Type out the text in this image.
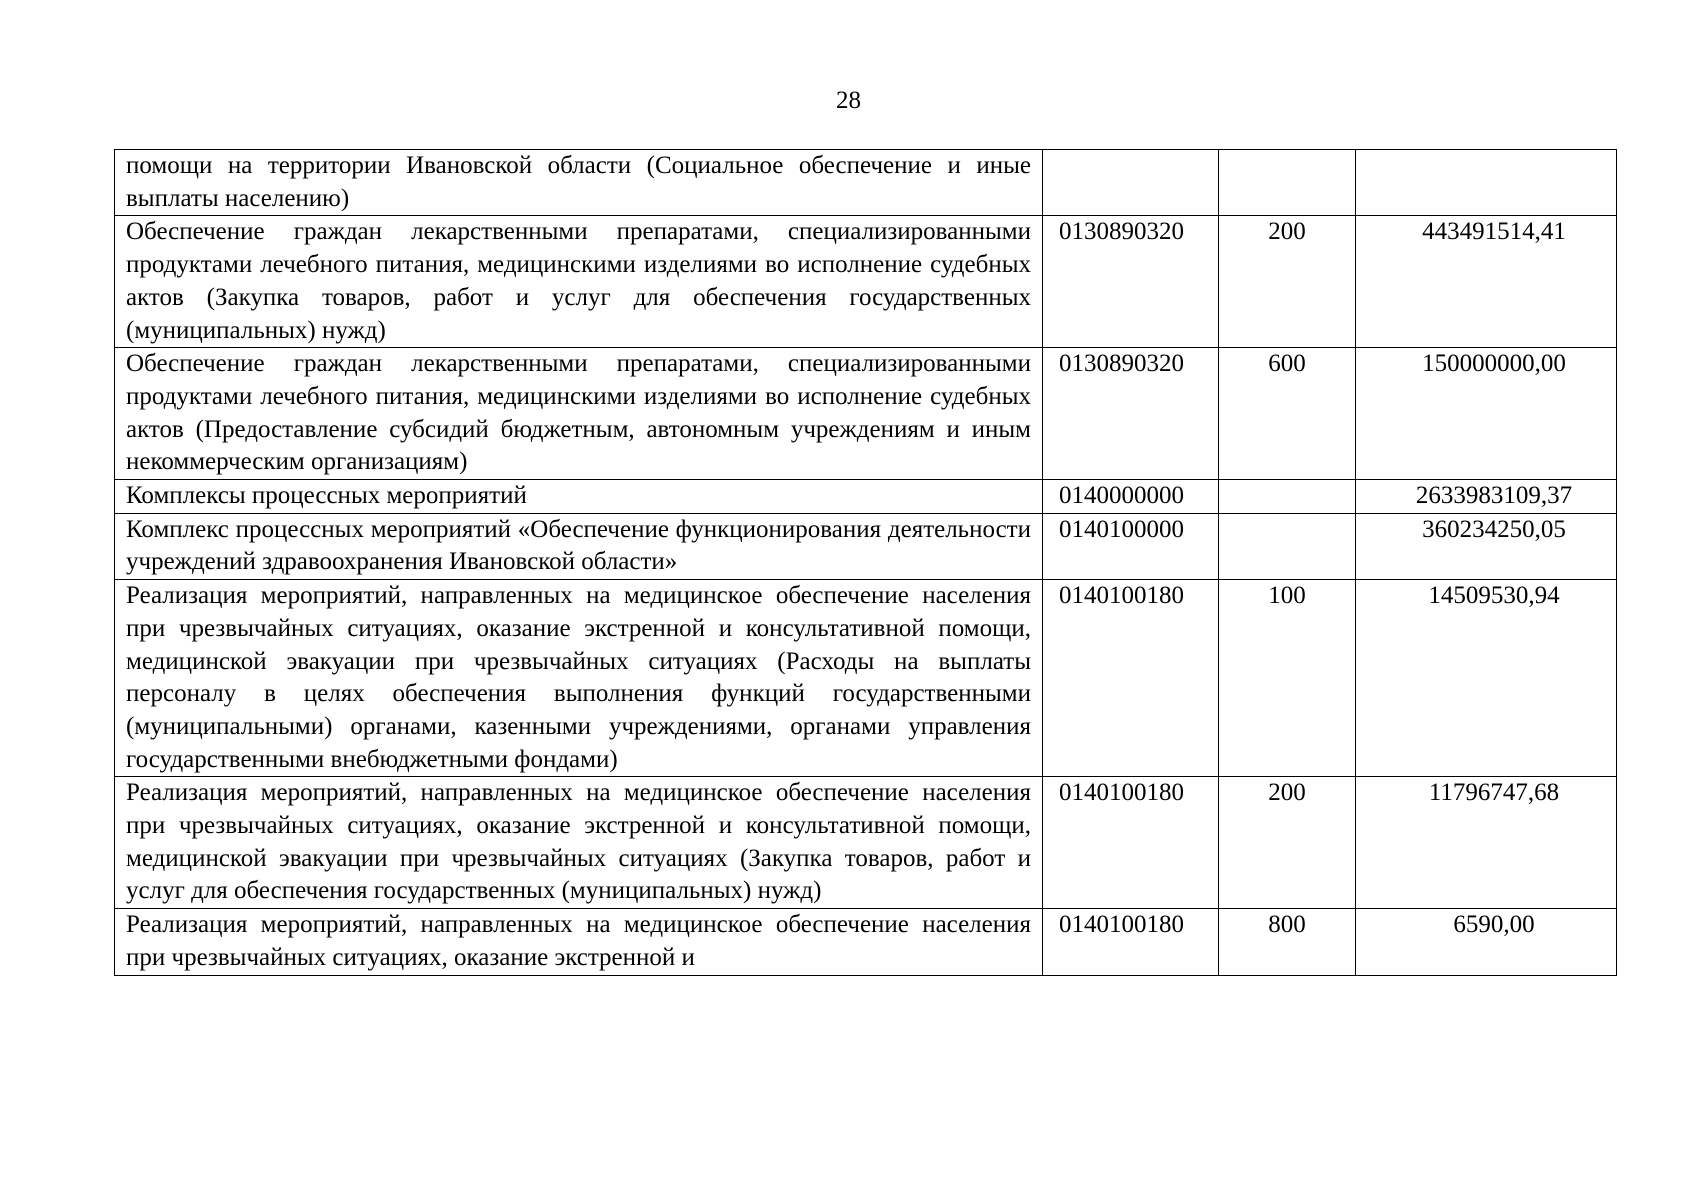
28
помощи на территории Ивановской области (Социальное обеспечение и иные выплаты населению)			
Обеспечение граждан лекарственными препаратами, специализированными продуктами лечебного питания, медицинскими изделиями во исполнение судебных актов (Закупка товаров, работ и услуг для обеспечения государственных (муниципальных) нужд)	0130890320	200	443491514,41
Обеспечение граждан лекарственными препаратами, специализированными продуктами лечебного питания, медицинскими изделиями во исполнение судебных актов (Предоставление субсидий бюджетным, автономным учреждениям и иным некоммерческим организациям)	0130890320	600	150000000,00
Комплексы процессных мероприятий	0140000000		2633983109,37
Комплекс процессных мероприятий «Обеспечение функционирования деятельности учреждений здравоохранения Ивановской области»	0140100000		360234250,05
Реализация мероприятий, направленных на медицинское обеспечение населения при чрезвычайных ситуациях, оказание экстренной и консультативной помощи, медицинской эвакуации при чрезвычайных ситуациях (Расходы на выплаты персоналу в целях обеспечения выполнения функций государственными (муниципальными) органами, казенными учреждениями, органами управления государственными внебюджетными фондами)	0140100180	100	14509530,94
Реализация мероприятий, направленных на медицинское обеспечение населения при чрезвычайных ситуациях, оказание экстренной и консультативной помощи, медицинской эвакуации при чрезвычайных ситуациях (Закупка товаров, работ и услуг для обеспечения государственных (муниципальных) нужд)	0140100180	200	11796747,68
Реализация мероприятий, направленных на медицинское обеспечение населения при чрезвычайных ситуациях, оказание экстренной и	0140100180	800	6590,00
